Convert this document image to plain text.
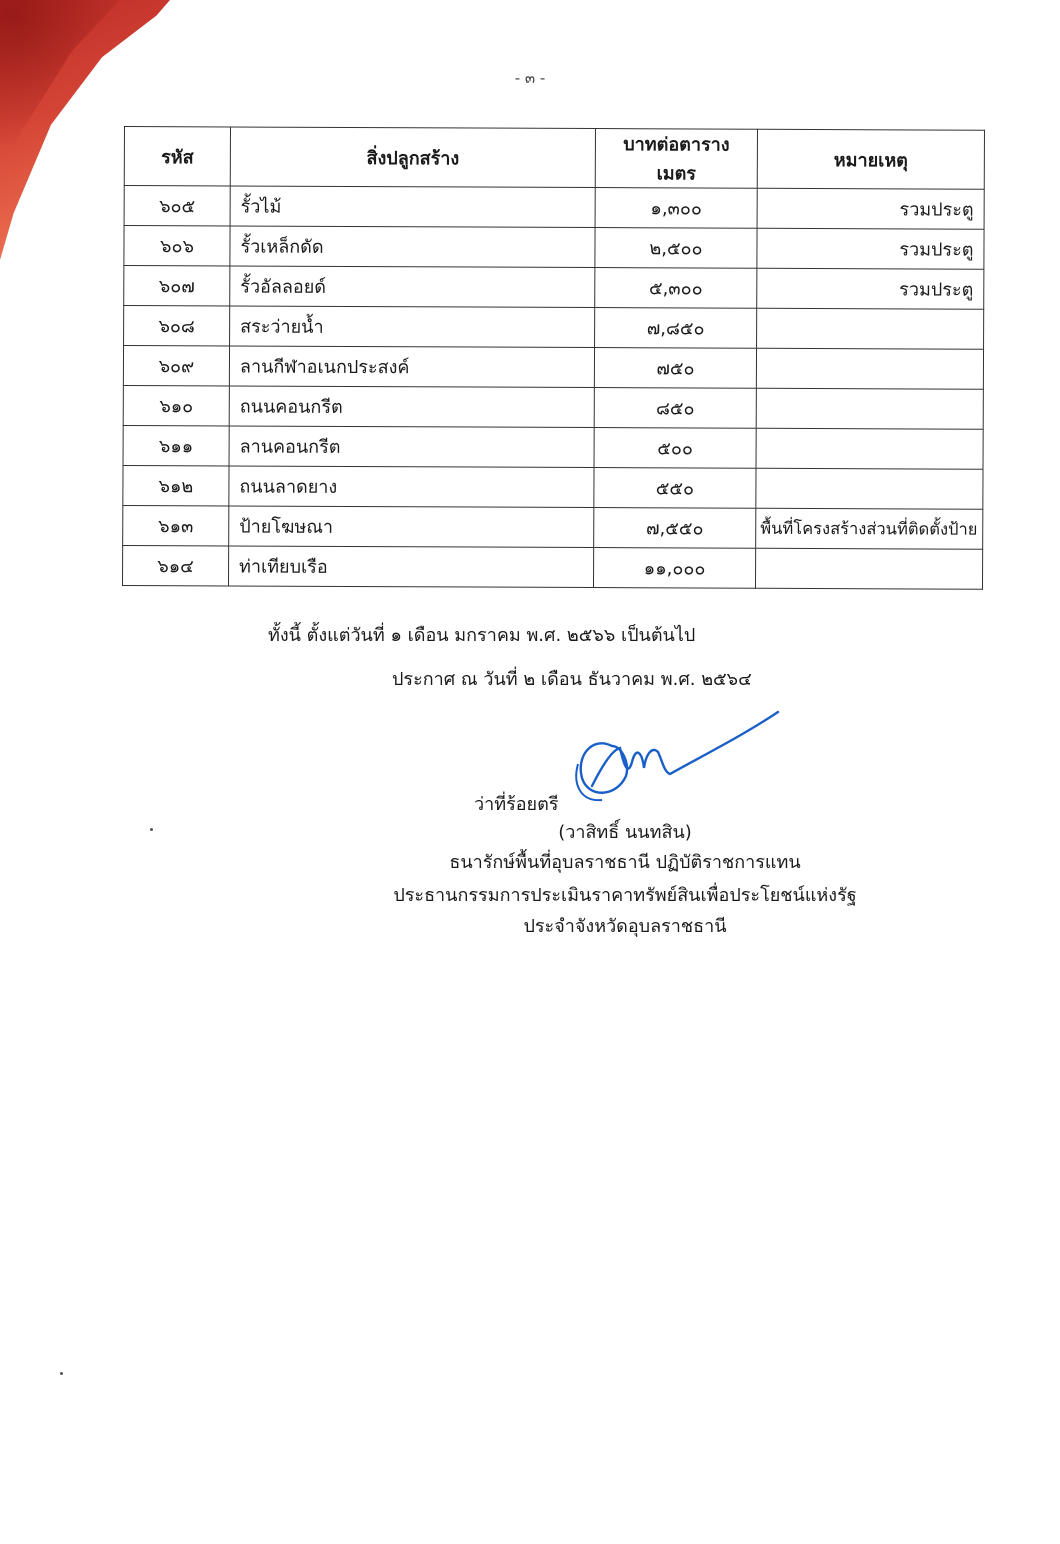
- ๓ -
รหัส	สิ่งปลูกสร้าง	บาทต่อตารางเมตร	หมายเหตุ
๖๐๕	รั้วไม้	๑,๓๐๐	รวมประตู
๖๐๖	รั้วเหล็กดัด	๒,๕๐๐	รวมประตู
๖๐๗	รั้วอัลลอยด์	๕,๓๐๐	รวมประตู
๖๐๘	สระว่ายน้ำ	๗,๘๕๐	
๖๐๙	ลานกีฬาอเนกประสงค์	๗๕๐	
๖๑๐	ถนนคอนกรีต	๘๕๐	
๖๑๑	ลานคอนกรีต	๕๐๐	
๖๑๒	ถนนลาดยาง	๕๕๐	
๖๑๓	ป้ายโฆษณา	๗,๕๕๐	พื้นที่โครงสร้างส่วนที่ติดตั้งป้าย
๖๑๔	ท่าเทียบเรือ	๑๑,๐๐๐	
ทั้งนี้ ตั้งแต่วันที่ ๑ เดือน มกราคม พ.ศ. ๒๕๖๖ เป็นต้นไป
ประกาศ ณ วันที่ ๒ เดือน ธันวาคม พ.ศ. ๒๕๖๔
ว่าที่ร้อยตรี
(วาสิทธิ์ นนทสิน)
ธนารักษ์พื้นที่อุบลราชธานี ปฏิบัติราชการแทน
ประธานกรรมการประเมินราคาทรัพย์สินเพื่อประโยชน์แห่งรัฐ
ประจำจังหวัดอุบลราชธานี
